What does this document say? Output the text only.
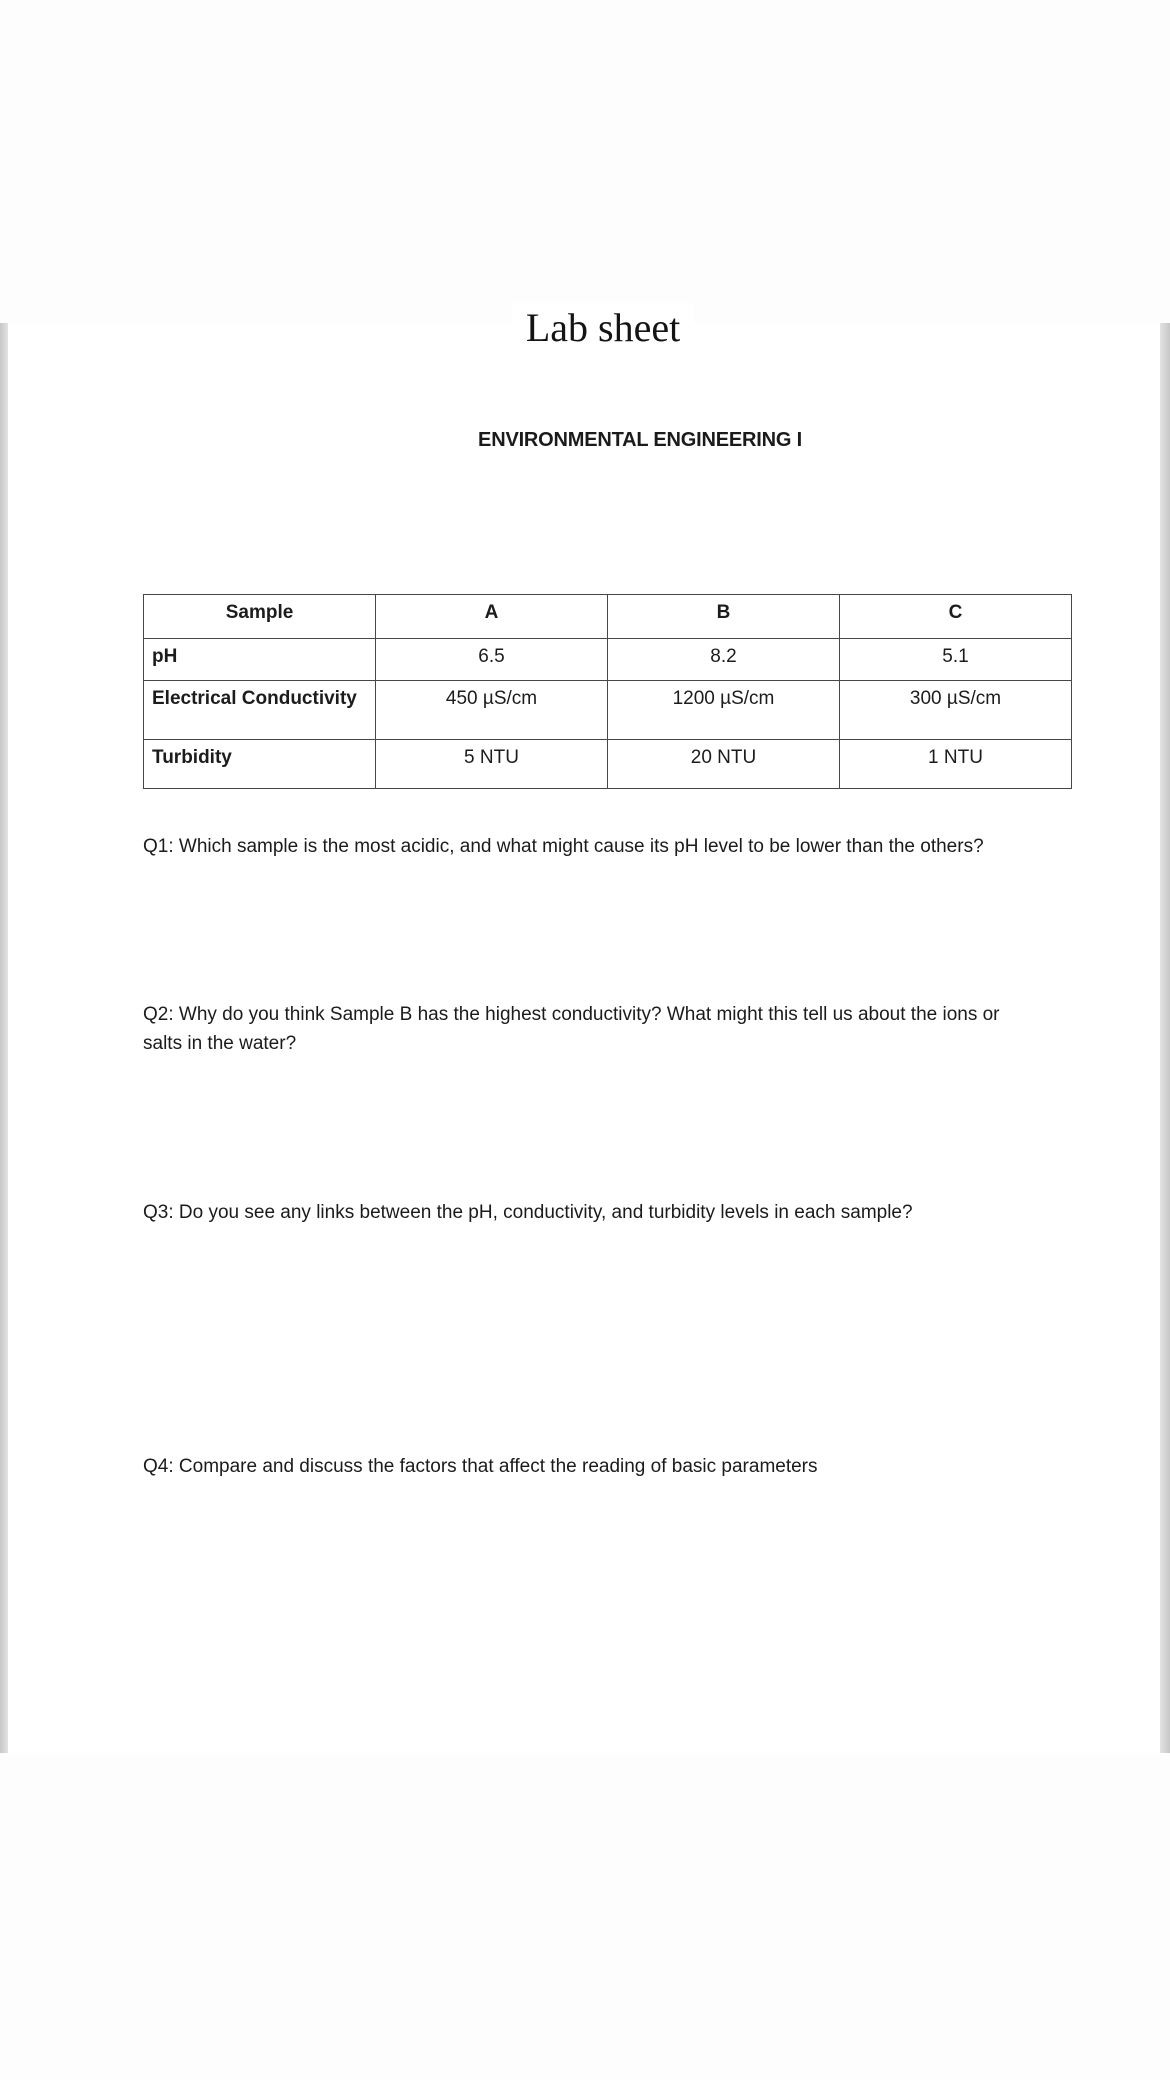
Lab sheet
ENVIRONMENTAL ENGINEERING I
Sample	A	B	C
pH	6.5	8.2	5.1
Electrical Conductivity	450 µS/cm	1200 µS/cm	300 µS/cm
Turbidity	5 NTU	20 NTU	1 NTU

Q1: Which sample is the most acidic, and what might cause its pH level to be lower than the others?

Q2: Why do you think Sample B has the highest conductivity? What might this tell us about the ions or salts in the water?

Q3: Do you see any links between the pH, conductivity, and turbidity levels in each sample?

Q4: Compare and discuss the factors that affect the reading of basic parameters
